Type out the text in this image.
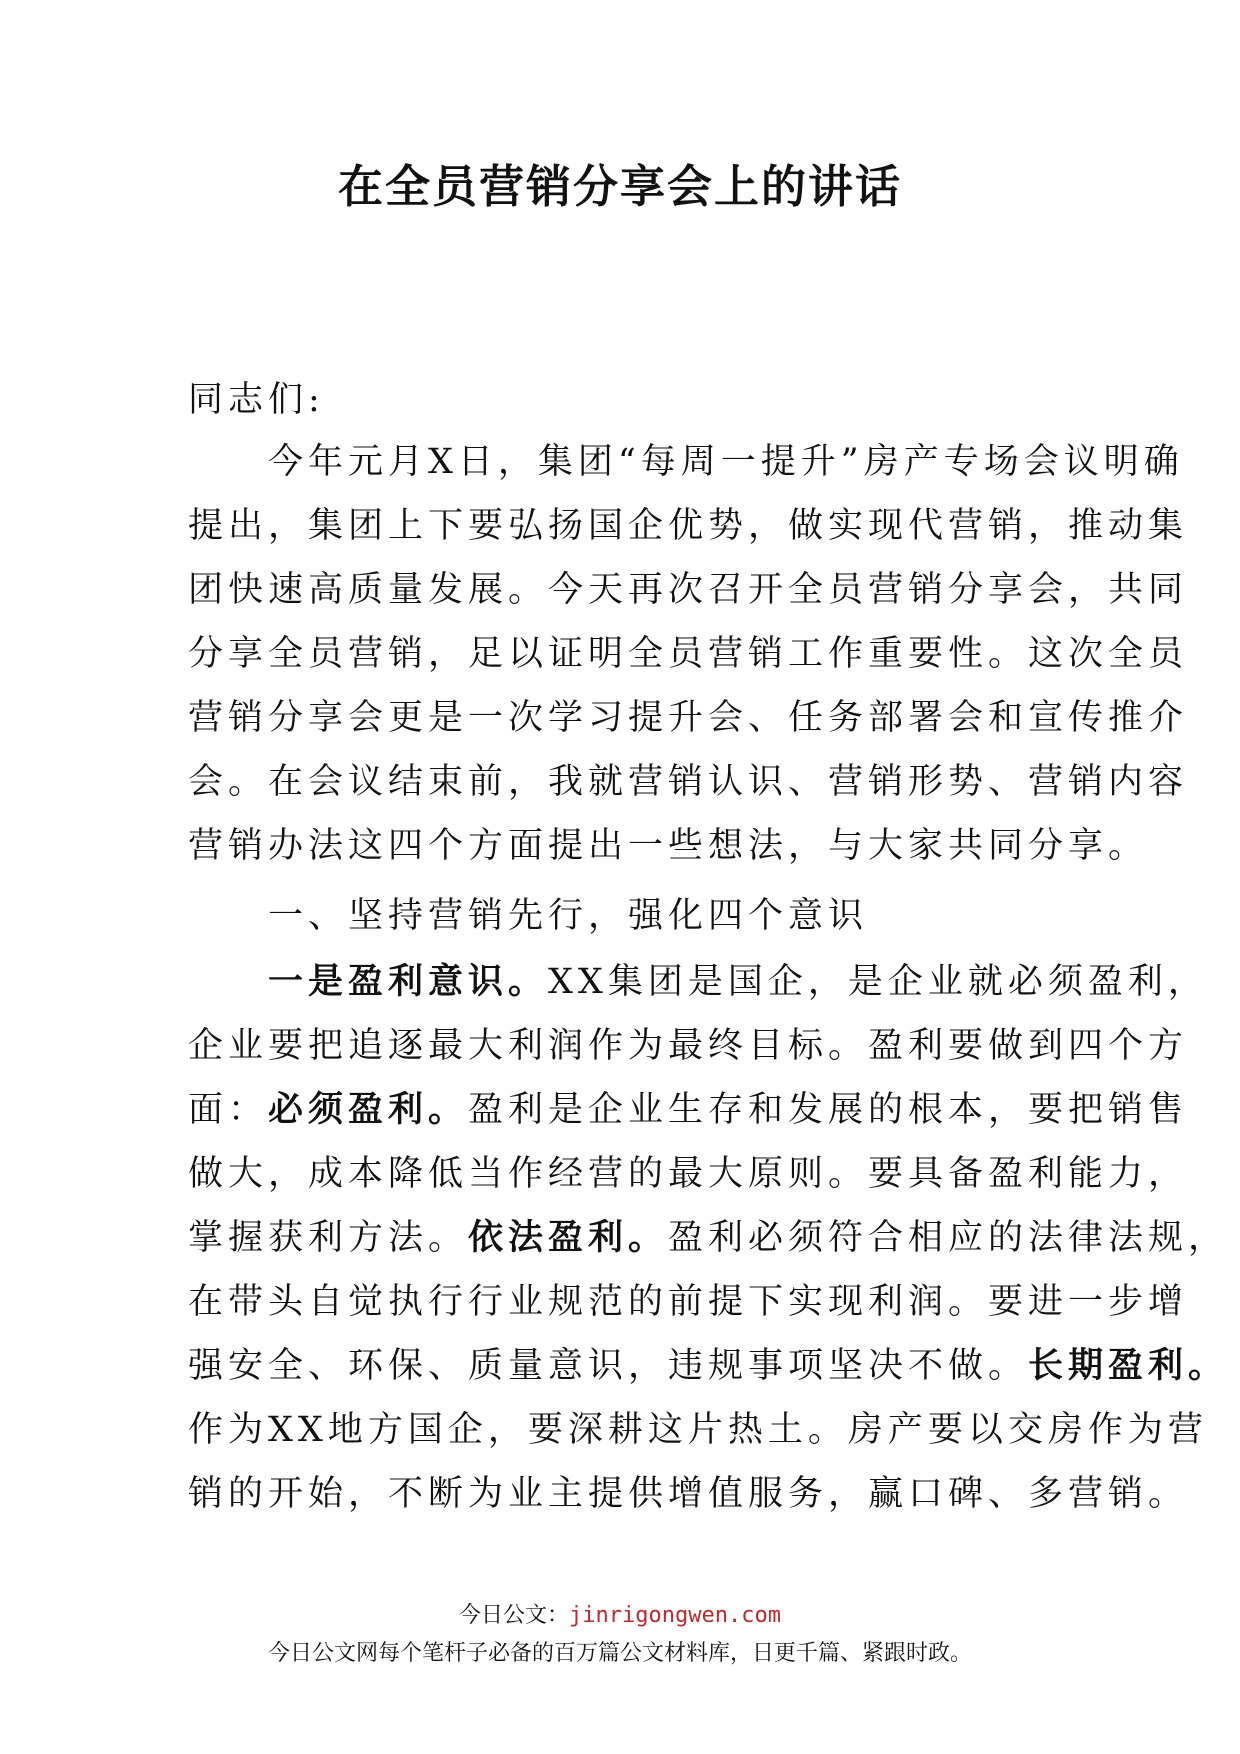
在全员营销分享会上的讲话
同志们:
　　今年元月X日，集团“每周一提升”房产专场会议明确
提出，集团上下要弘扬国企优势，做实现代营销，推动集
团快速高质量发展。今天再次召开全员营销分享会，共同
分享全员营销，足以证明全员营销工作重要性。这次全员
营销分享会更是一次学习提升会、任务部署会和宣传推介
会。在会议结束前，我就营销认识、营销形势、营销内容
营销办法这四个方面提出一些想法，与大家共同分享。
　　一、坚持营销先行，强化四个意识
　　一是盈利意识。XX集团是国企，是企业就必须盈利，
企业要把追逐最大利润作为最终目标。盈利要做到四个方
面：必须盈利。盈利是企业生存和发展的根本，要把销售
做大，成本降低当作经营的最大原则。要具备盈利能力，
掌握获利方法。依法盈利。盈利必须符合相应的法律法规，
在带头自觉执行行业规范的前提下实现利润。要进一步增
强安全、环保、质量意识，违规事项坚决不做。长期盈利。
作为XX地方国企，要深耕这片热土。房产要以交房作为营
销的开始，不断为业主提供增值服务，赢口碑、多营销。
今日公文：jinrigongwen.com
今日公文网每个笔杆子必备的百万篇公文材料库，日更千篇、紧跟时政。
